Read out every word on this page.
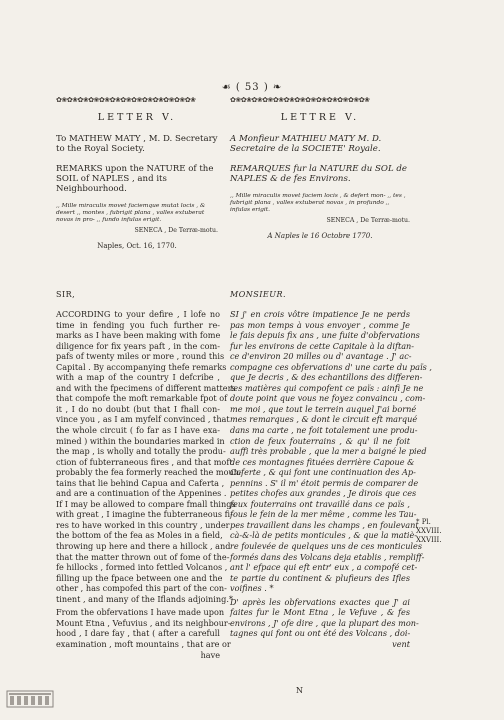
☙ ( 53 ) ❧
✿❀✿❀✿❀✿❀✿❀✿❀✿❀✿❀✿❀✿❀✿❀✿❀✿❀	✿❀✿❀✿❀✿❀✿❀✿❀✿❀✿❀✿❀✿❀✿❀✿❀✿❀

LETTER V.

To MATHEW MATY , M. D. Secretary to the Royal Society.

REMARKS upon the NATURE of the SOIL of NAPLES , and its Neighbourhood.

,, Mille miraculis movet faciemque mutat locis , & desert ,, montes , fubrigit plana , valles extuberat novas in pro- ,, fundo infulas erigit.

SENECA , De Terræ-motu.

Naples, Oct. 16, 1770.

LETTRE V.

A Monfieur MATHIEU MATY M. D. Secretaire de la SOCIETE' Royale.

REMARQUES fur la NATURE du SOL de NAPLES & de fes Environs.

,, Mille miraculis movet faciem locis , & defert mon- ,, tes , fubrigit plana , valles extuberat novas , in profundo ,, infulas erigit.

SENECA , De Terræ-motu.

A Naples le 16 Octobre 1770.

SIR,

ACCORDING to your defire , I lofe no
time in fending you fuch further re-
marks as I have been making with fome
diligence for fix years paft , in the com-
pafs of twenty miles or more , round this
Capital . By accompanying thefe remarks
with a map of the country I defcribe ,
and with the fpecimens of different matters
that compofe the moft remarkable fpot of
it , I do no doubt (but that I fhall con-
vince you , as I am myfelf convinced , that
the whole circuit ( fo far as I have exa-
mined ) within the boundaries marked in
the map , is wholly and totally the produ-
ction of fubterraneous fires , and that moft
probably the fea formerly reached the moun-
tains that lie behind Capua and Caferta ,
and are a continuation of the Appenines .
If I may be allowed to compare fmall things
with great , I imagine the fubterraneous fi-
res to have worked in this country , under
the bottom of the fea as Moles in a field,
throwing up here and there a hillock , and
that the matter thrown out of fome of the-
fe hillocks , formed into fettled Volcanos ,
filling up the fpace between one and the
other , has compofed this part of the con-
tinent , and many of the Iflands adjoining.*
From the obfervations I have made upon
Mount Etna , Vefuvius , and its neighbour-
hood , I dare fay , that ( after a carefull
examination , moft mountains , that are or

have

MONSIEUR.

SI j' en crois vôtre impatience Je ne perds
pas mon temps à vous envoyer , comme Je
le fais depuis fix ans , une fuite d'obfervations
fur les environs de cette Capitale à la diftan-
ce d'environ 20 milles ou d' avantage . J' ac-
compagne ces obfervations d' une carte du païs ,
que Je decris , & des echantillons des differen-
tes matières qui compofent ce païs : ainfi Je ne
doute point que vous ne foyez convaincu , com-
me moi , que tout le terrein auquel J'ai borné
mes remarques , & dont le circuit eft marqué
dans ma carte , ne foit totalement une produ-
ction de feux fouterrains , & qu' il ne foit
auffi très probable , que la mer a baigné le pied
de ces montagnes fituées derrière Capoue &
Caferte , & qui font une continuation des Ap-
pennins . S' il m' étoit permis de comparer de
petites chofes aux grandes , Je dirois que ces
feux fouterrains ont travaillé dans ce païs ,
fous le fein de la mer même , comme les Tau-
pes travaillent dans les champs , en foulevant
cà-&-là de petits monticules , & que la matiè-
re foulevée de quelques uns de ces monticules
formés dans des Volcans deja etablis , rempliff-
ant l' efpace qui eft entr' eux , a compofé cet-
te partie du continent & plufieurs des Ifles
voifines . *
D' après les obfervations exactes que J' ai
faites fur le Mont Etna , le Vefuve , & fes
environs , J' ofe dire , que la plupart des mon-
tagnes qui font ou ont été des Volcans , doi-

vent

* Pl. XXVIII. XXVIII.
N
